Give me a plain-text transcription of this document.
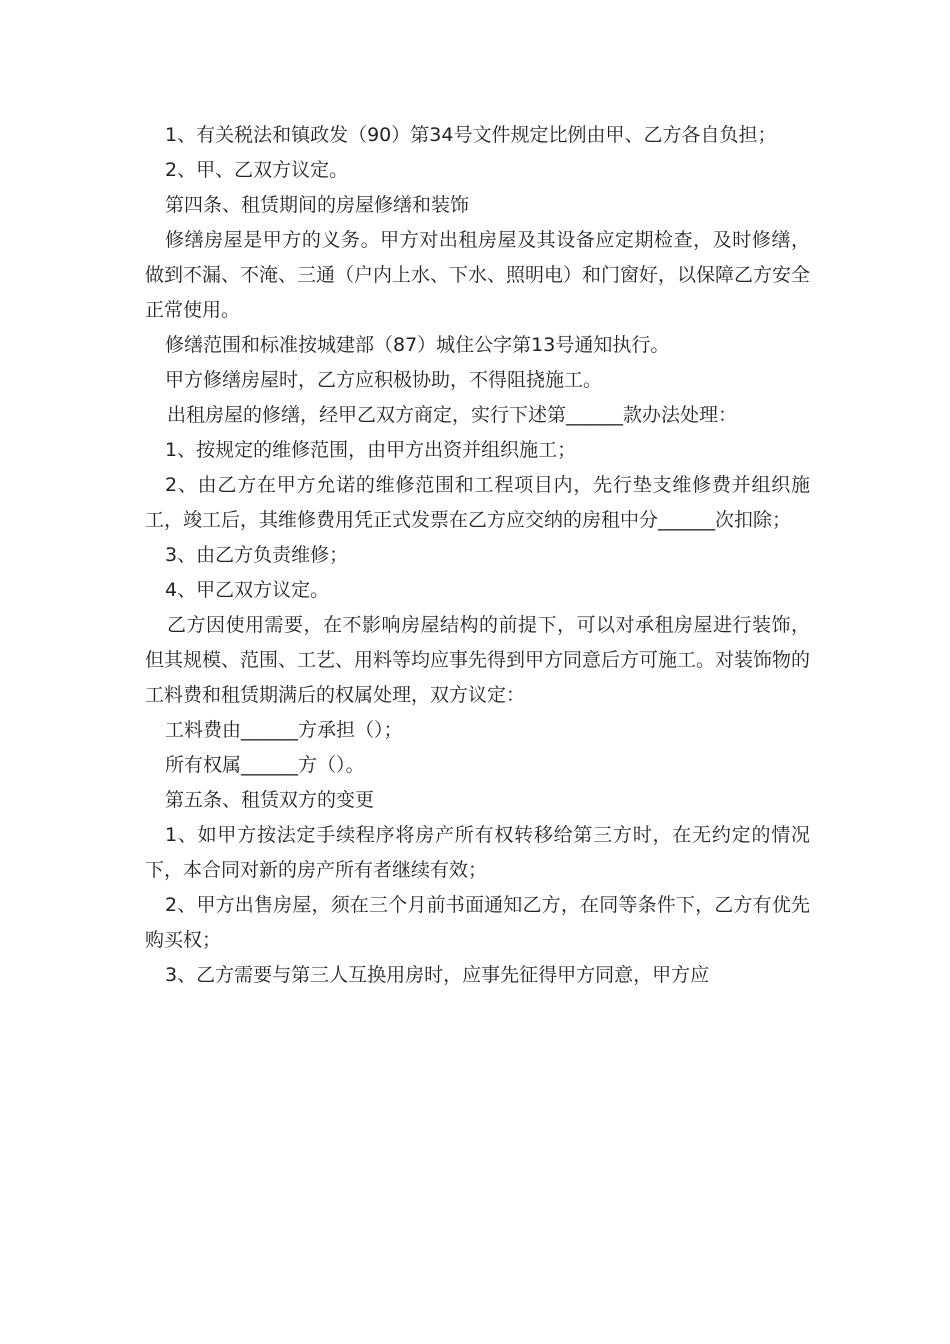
1、有关税法和镇政发（90）第34号文件规定比例由甲、乙方各自负担；

2、甲、乙双方议定。

第四条、租赁期间的房屋修缮和装饰

修缮房屋是甲方的义务。甲方对出租房屋及其设备应定期检查，及时修缮，做到不漏、不淹、三通（户内上水、下水、照明电）和门窗好，以保障乙方安全正常使用。

修缮范围和标准按城建部（87）城住公字第13号通知执行。

甲方修缮房屋时，乙方应积极协助，不得阻挠施工。

出租房屋的修缮，经甲乙双方商定，实行下述第______款办法处理：

1、按规定的维修范围，由甲方出资并组织施工；

2、由乙方在甲方允诺的维修范围和工程项目内，先行垫支维修费并组织施工，竣工后，其维修费用凭正式发票在乙方应交纳的房租中分______次扣除；

3、由乙方负责维修；

4、甲乙双方议定。

乙方因使用需要，在不影响房屋结构的前提下，可以对承租房屋进行装饰，但其规模、范围、工艺、用料等均应事先得到甲方同意后方可施工。对装饰物的工料费和租赁期满后的权属处理，双方议定：

工料费由______方承担（）；

所有权属______方（）。

第五条、租赁双方的变更

1、如甲方按法定手续程序将房产所有权转移给第三方时，在无约定的情况下，本合同对新的房产所有者继续有效；

2、甲方出售房屋，须在三个月前书面通知乙方，在同等条件下，乙方有优先购买权；

3、乙方需要与第三人互换用房时，应事先征得甲方同意，甲方应
